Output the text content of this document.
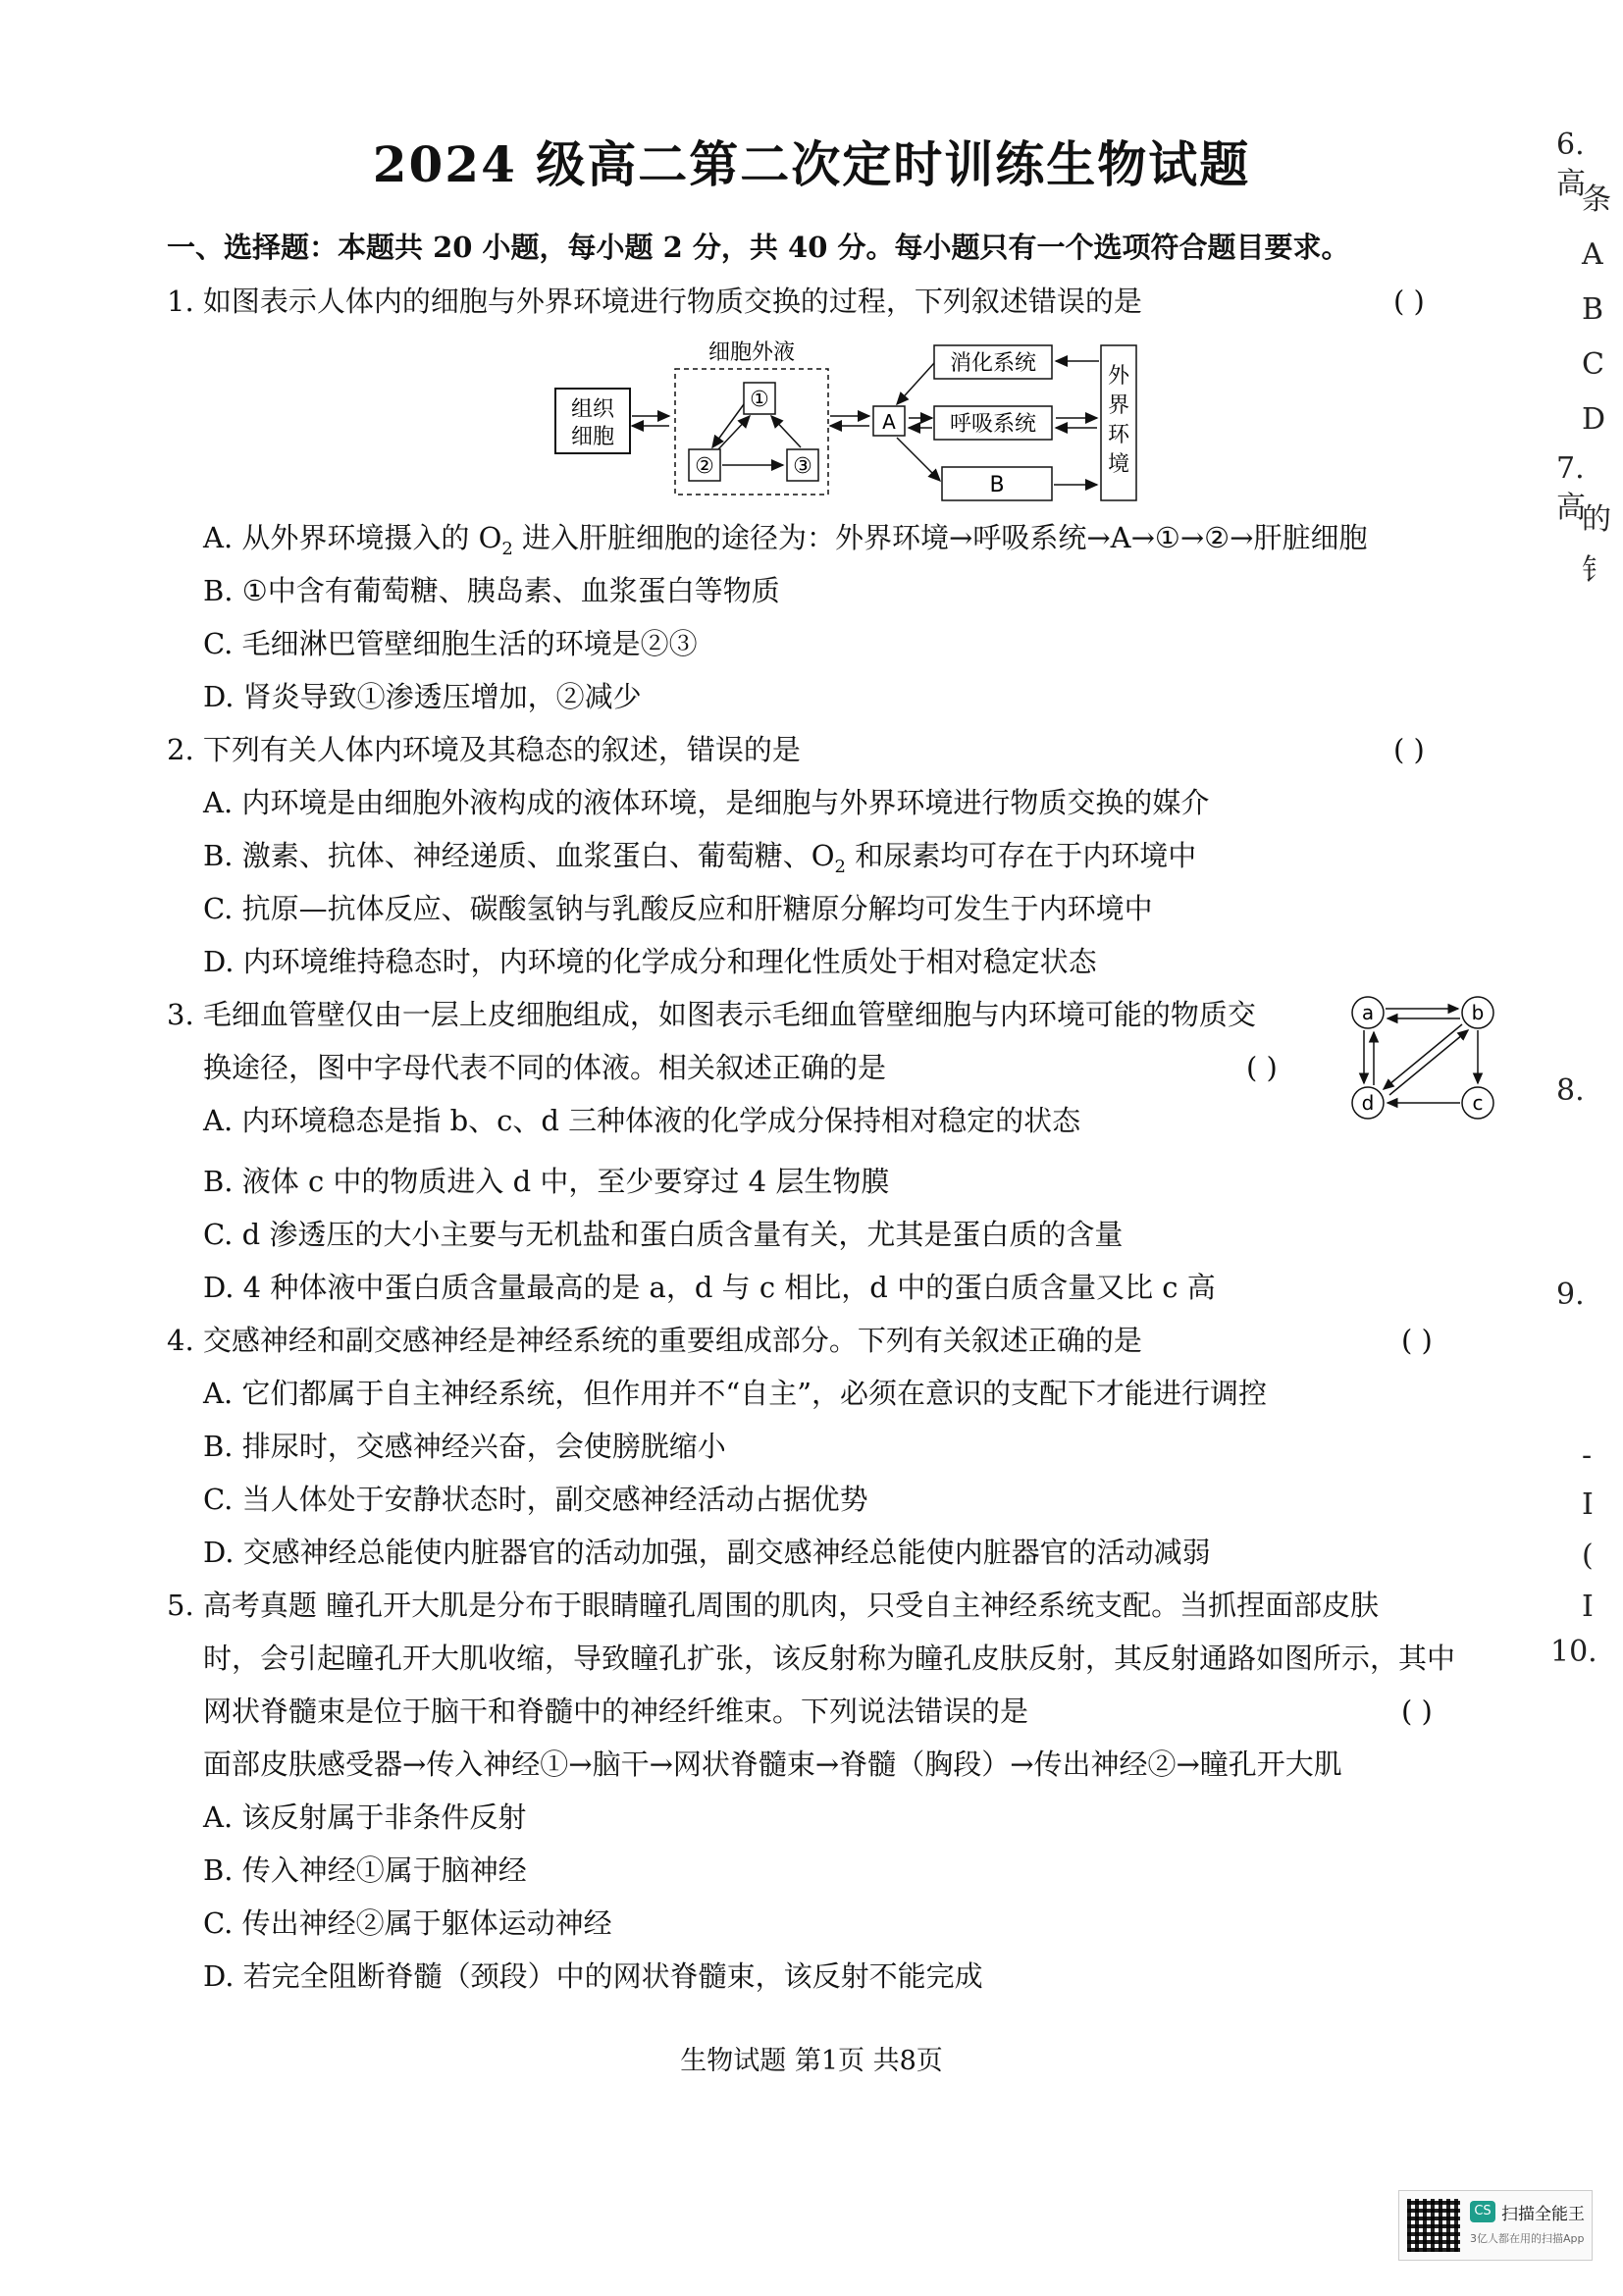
2024 级高二第二次定时训练生物试题
一、选择题：本题共 20 小题，每小题 2 分，共 40 分。每小题只有一个选项符合题目要求。
1. 如图表示人体内的细胞与外界环境进行物质交换的过程，下列叙述错误的是	( )
组织
细胞
细胞外液
①
②	③
A
消化系统
呼吸系统
B
外
界
环
境
A. 从外界环境摄入的 $O_2$ 进入肝脏细胞的途径为：外界环境→呼吸系统→A→①→②→肝脏细胞
B. ①中含有葡萄糖、胰岛素、血浆蛋白等物质
C. 毛细淋巴管壁细胞生活的环境是②③
D. 肾炎导致①渗透压增加，②减少
2. 下列有关人体内环境及其稳态的叙述，错误的是	( )
A. 内环境是由细胞外液构成的液体环境，是细胞与外界环境进行物质交换的媒介
B. 激素、抗体、神经递质、血浆蛋白、葡萄糖、$O_2$ 和尿素均可存在于内环境中
C. 抗原—抗体反应、碳酸氢钠与乳酸反应和肝糖原分解均可发生于内环境中
D. 内环境维持稳态时，内环境的化学成分和理化性质处于相对稳定状态
3. 毛细血管壁仅由一层上皮细胞组成，如图表示毛细血管壁细胞与内环境可能的物质交
换途径，图中字母代表不同的体液。相关叙述正确的是	( )
a	b
c
d
A. 内环境稳态是指 b、c、d 三种体液的化学成分保持相对稳定的状态
B. 液体 c 中的物质进入 d 中，至少要穿过 4 层生物膜
C. d 渗透压的大小主要与无机盐和蛋白质含量有关，尤其是蛋白质的含量
D. 4 种体液中蛋白质含量最高的是 a，d 与 c 相比，d 中的蛋白质含量又比 c 高
4. 交感神经和副交感神经是神经系统的重要组成部分。下列有关叙述正确的是	( )
A. 它们都属于自主神经系统，但作用并不“自主”，必须在意识的支配下才能进行调控
B. 排尿时，交感神经兴奋，会使膀胱缩小
C. 当人体处于安静状态时，副交感神经活动占据优势
D. 交感神经总能使内脏器官的活动加强，副交感神经总能使内脏器官的活动减弱
5. 高考真题 瞳孔开大肌是分布于眼睛瞳孔周围的肌肉，只受自主神经系统支配。当抓捏面部皮肤
时，会引起瞳孔开大肌收缩，导致瞳孔扩张，该反射称为瞳孔皮肤反射，其反射通路如图所示，其中
网状脊髓束是位于脑干和脊髓中的神经纤维束。下列说法错误的是	( )
面部皮肤感受器→传入神经①→脑干→网状脊髓束→脊髓（胸段）→传出神经②→瞳孔开大肌
A. 该反射属于非条件反射
B. 传入神经①属于脑神经
C. 传出神经②属于躯体运动神经
D. 若完全阻断脊髓（颈段）中的网状脊髓束，该反射不能完成
生物试题 第1页 共8页
6. 高
条
A
B
C
D
7. 高
的
钅
8.
9.
-
I
(
I
10.
CS 扫描全能王
3亿人都在用的扫描App
